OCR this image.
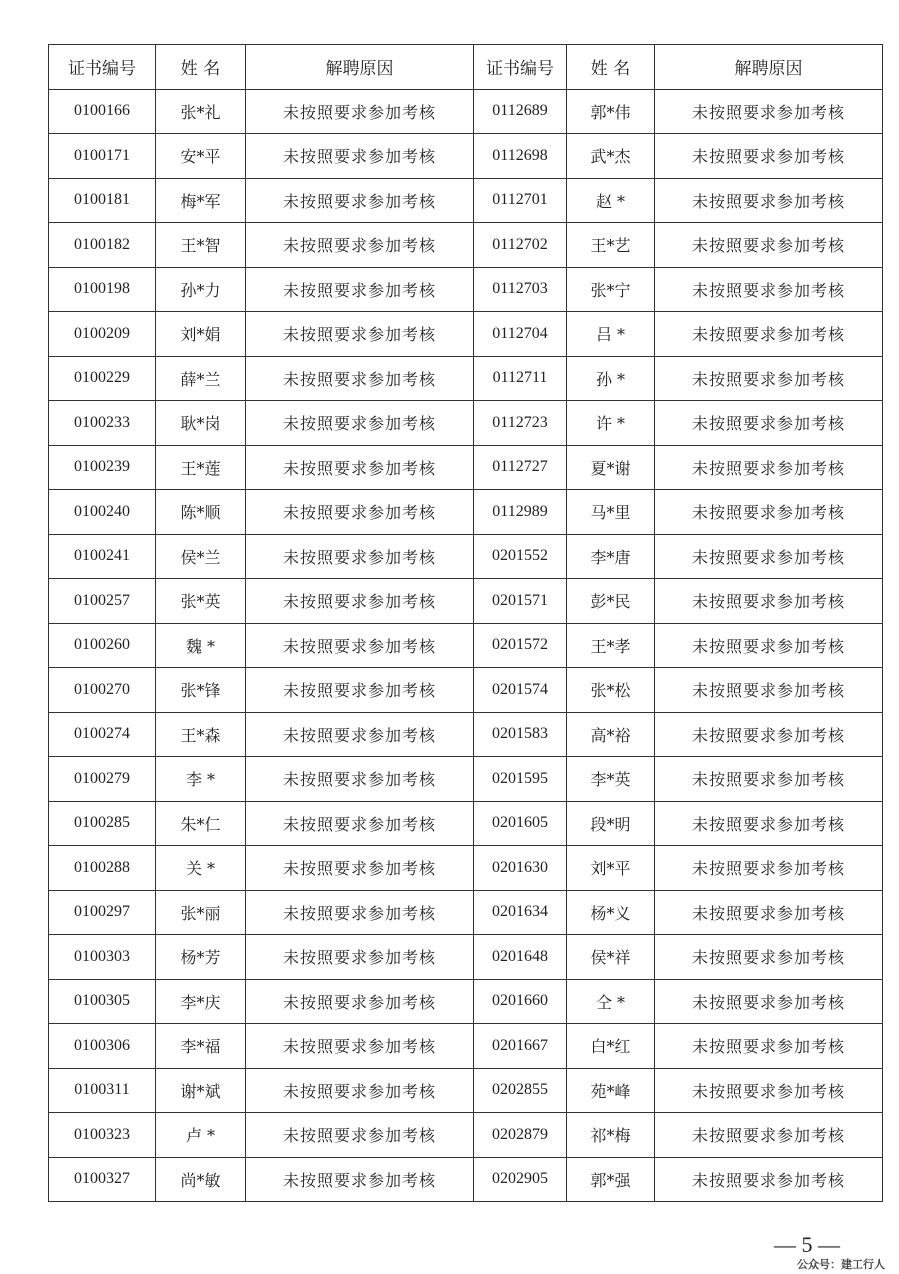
证书编号	姓 名	解聘原因	证书编号	姓 名	解聘原因
0100166	张*礼	未按照要求参加考核	0112689	郭*伟	未按照要求参加考核
0100171	安*平	未按照要求参加考核	0112698	武*杰	未按照要求参加考核
0100181	梅*军	未按照要求参加考核	0112701	赵 *	未按照要求参加考核
0100182	王*智	未按照要求参加考核	0112702	王*艺	未按照要求参加考核
0100198	孙*力	未按照要求参加考核	0112703	张*宁	未按照要求参加考核
0100209	刘*娟	未按照要求参加考核	0112704	吕 *	未按照要求参加考核
0100229	薛*兰	未按照要求参加考核	0112711	孙 *	未按照要求参加考核
0100233	耿*岗	未按照要求参加考核	0112723	许 *	未按照要求参加考核
0100239	王*莲	未按照要求参加考核	0112727	夏*谢	未按照要求参加考核
0100240	陈*顺	未按照要求参加考核	0112989	马*里	未按照要求参加考核
0100241	侯*兰	未按照要求参加考核	0201552	李*唐	未按照要求参加考核
0100257	张*英	未按照要求参加考核	0201571	彭*民	未按照要求参加考核
0100260	魏 *	未按照要求参加考核	0201572	王*孝	未按照要求参加考核
0100270	张*锋	未按照要求参加考核	0201574	张*松	未按照要求参加考核
0100274	王*森	未按照要求参加考核	0201583	高*裕	未按照要求参加考核
0100279	李 *	未按照要求参加考核	0201595	李*英	未按照要求参加考核
0100285	朱*仁	未按照要求参加考核	0201605	段*明	未按照要求参加考核
0100288	关 *	未按照要求参加考核	0201630	刘*平	未按照要求参加考核
0100297	张*丽	未按照要求参加考核	0201634	杨*义	未按照要求参加考核
0100303	杨*芳	未按照要求参加考核	0201648	侯*祥	未按照要求参加考核
0100305	李*庆	未按照要求参加考核	0201660	仝 *	未按照要求参加考核
0100306	李*福	未按照要求参加考核	0201667	白*红	未按照要求参加考核
0100311	谢*斌	未按照要求参加考核	0202855	苑*峰	未按照要求参加考核
0100323	卢 *	未按照要求参加考核	0202879	祁*梅	未按照要求参加考核
0100327	尚*敏	未按照要求参加考核	0202905	郭*强	未按照要求参加考核
— 5 —
公众号：建工行人
